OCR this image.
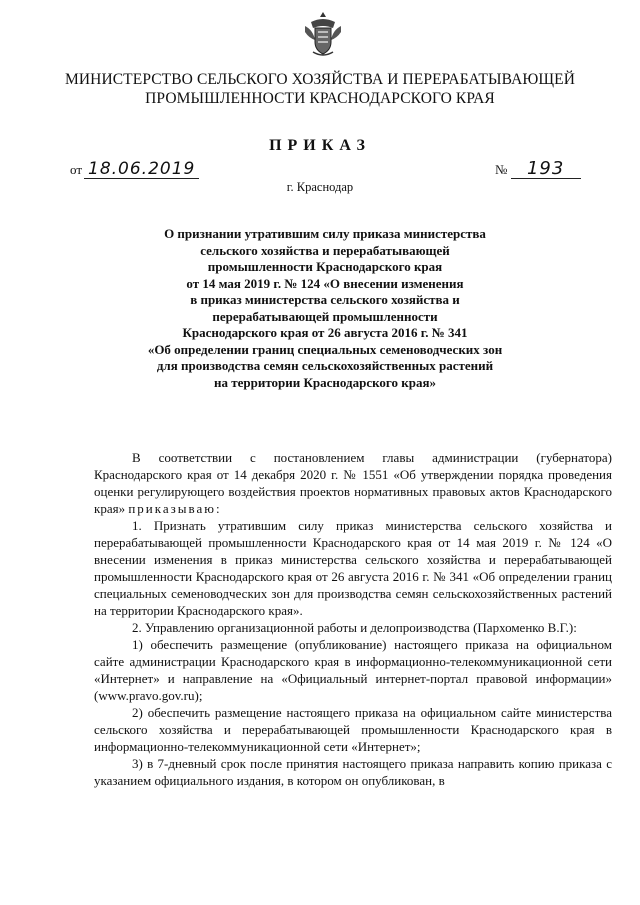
МИНИСТЕРСТВО СЕЛЬСКОГО ХОЗЯЙСТВА И ПЕРЕРАБАТЫВАЮЩЕЙ
ПРОМЫШЛЕННОСТИ КРАСНОДАРСКОГО КРАЯ
ПРИКАЗ
от 18.06.2019	№ 193
г. Краснодар
О признании утратившим силу приказа министерства
сельского хозяйства и перерабатывающей
промышленности Краснодарского края
от 14 мая 2019 г. № 124 «О внесении изменения
в приказ министерства сельского хозяйства и
перерабатывающей промышленности
Краснодарского края от 26 августа 2016 г. № 341
«Об определении границ специальных семеноводческих зон
для производства семян сельскохозяйственных растений
на территории Краснодарского края»

В соответствии с постановлением главы администрации (губернатора) Краснодарского края от 14 декабря 2020 г. № 1551 «Об утверждении порядка проведения оценки регулирующего воздействия проектов нормативных правовых актов Краснодарского края» приказываю:

1. Признать утратившим силу приказ министерства сельского хозяйства и перерабатывающей промышленности Краснодарского края от 14 мая 2019 г. № 124 «О внесении изменения в приказ министерства сельского хозяйства и перерабатывающей промышленности Краснодарского края от 26 августа 2016 г. № 341 «Об определении границ специальных семеноводческих зон для производства семян сельскохозяйственных растений на территории Краснодарского края».

2. Управлению организационной работы и делопроизводства (Пархоменко В.Г.):

1) обеспечить размещение (опубликование) настоящего приказа на официальном сайте администрации Краснодарского края в информационно-телекоммуникационной сети «Интернет» и направление на «Официальный интернет-портал правовой информации» (www.pravo.gov.ru);

2) обеспечить размещение настоящего приказа на официальном сайте министерства сельского хозяйства и перерабатывающей промышленности Краснодарского края в информационно-телекоммуникационной сети «Интернет»;

3) в 7-дневный срок после принятия настоящего приказа направить копию приказа с указанием официального издания, в котором он опубликован, в
